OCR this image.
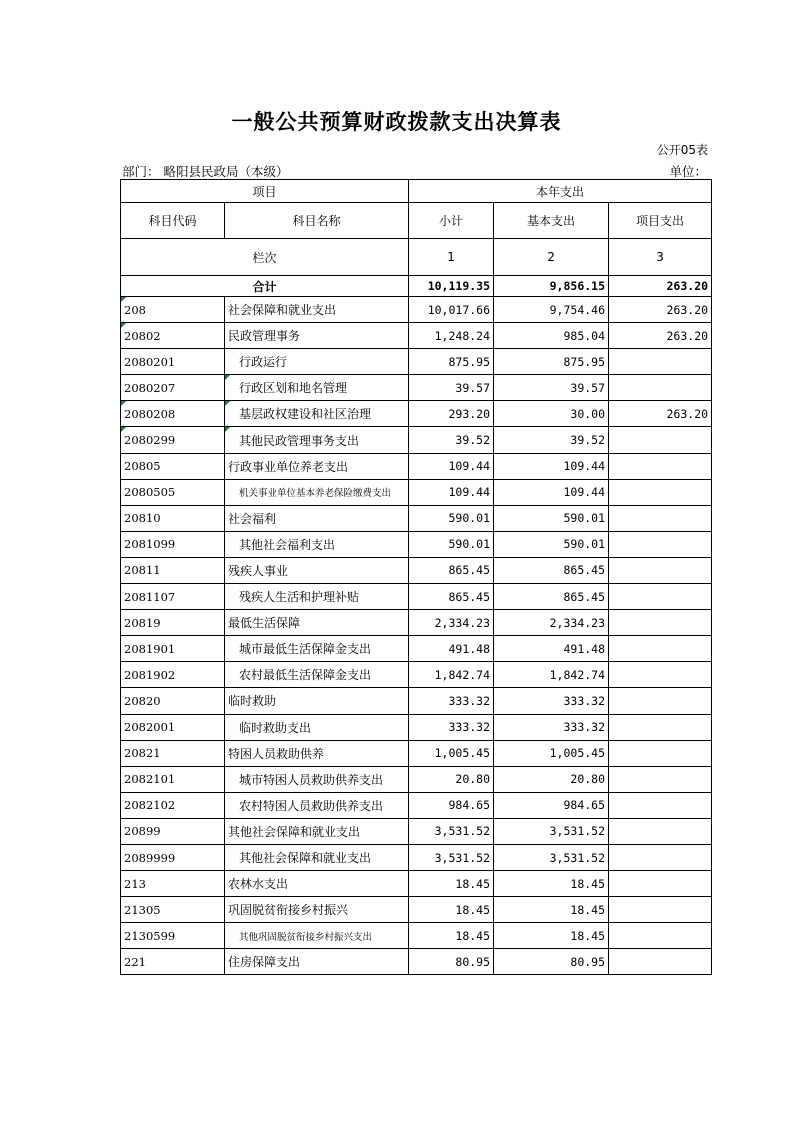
一般公共预算财政拨款支出决算表
公开05表
部门： 略阳县民政局（本级）	单位：
项目		本年支出		
科目代码	科目名称	小计	基本支出	项目支出
栏次		1	2	3
合计		10,119.35	9,856.15	263.20
208	社会保障和就业支出	10,017.66	9,754.46	263.20
20802	民政管理事务	1,248.24	985.04	263.20
2080201	行政运行	875.95	875.95	
2080207	行政区划和地名管理	39.57	39.57	
2080208	基层政权建设和社区治理	293.20	30.00	263.20
2080299	其他民政管理事务支出	39.52	39.52	
20805	行政事业单位养老支出	109.44	109.44	
2080505	机关事业单位基本养老保险缴费支出	109.44	109.44	
20810	社会福利	590.01	590.01	
2081099	其他社会福利支出	590.01	590.01	
20811	残疾人事业	865.45	865.45	
2081107	残疾人生活和护理补贴	865.45	865.45	
20819	最低生活保障	2,334.23	2,334.23	
2081901	城市最低生活保障金支出	491.48	491.48	
2081902	农村最低生活保障金支出	1,842.74	1,842.74	
20820	临时救助	333.32	333.32	
2082001	临时救助支出	333.32	333.32	
20821	特困人员救助供养	1,005.45	1,005.45	
2082101	城市特困人员救助供养支出	20.80	20.80	
2082102	农村特困人员救助供养支出	984.65	984.65	
20899	其他社会保障和就业支出	3,531.52	3,531.52	
2089999	其他社会保障和就业支出	3,531.52	3,531.52	
213	农林水支出	18.45	18.45	
21305	巩固脱贫衔接乡村振兴	18.45	18.45	
2130599	其他巩固脱贫衔接乡村振兴支出	18.45	18.45	
221	住房保障支出	80.95	80.95	
